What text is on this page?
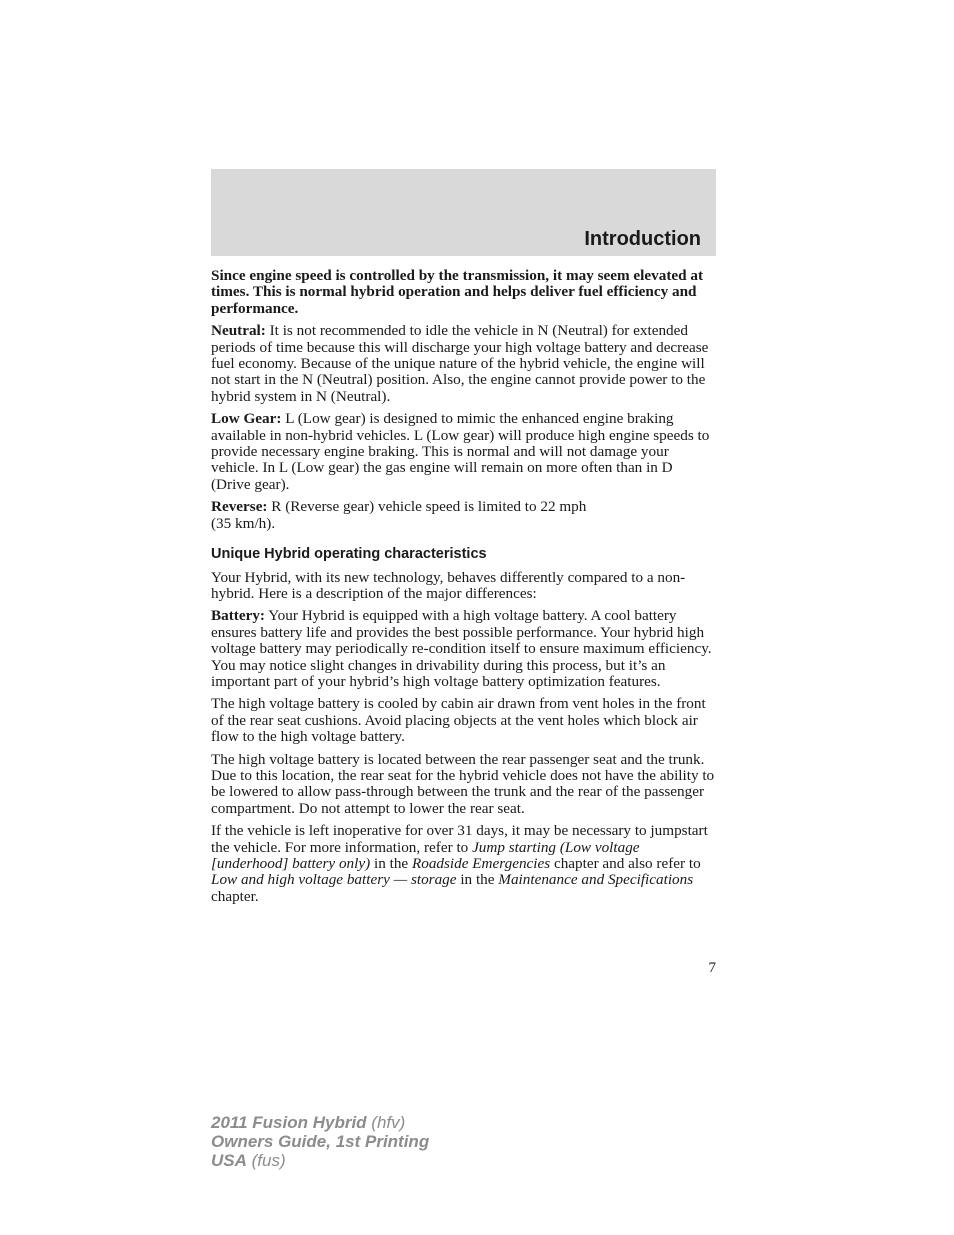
Introduction

Since engine speed is controlled by the transmission, it may seem elevated at times. This is normal hybrid operation and helps deliver fuel efficiency and performance.

Neutral: It is not recommended to idle the vehicle in N (Neutral) for extended periods of time because this will discharge your high voltage battery and decrease fuel economy. Because of the unique nature of the hybrid vehicle, the engine will not start in the N (Neutral) position. Also, the engine cannot provide power to the hybrid system in N (Neutral).

Low Gear: L (Low gear) is designed to mimic the enhanced engine braking available in non-hybrid vehicles. L (Low gear) will produce high engine speeds to provide necessary engine braking. This is normal and will not damage your vehicle. In L (Low gear) the gas engine will remain on more often than in D (Drive gear).

Reverse: R (Reverse gear) vehicle speed is limited to 22 mph
(35 km/h).

Unique Hybrid operating characteristics

Your Hybrid, with its new technology, behaves differently compared to a non-hybrid. Here is a description of the major differences:

Battery: Your Hybrid is equipped with a high voltage battery. A cool battery ensures battery life and provides the best possible performance. Your hybrid high voltage battery may periodically re-condition itself to ensure maximum efficiency. You may notice slight changes in drivability during this process, but it’s an important part of your hybrid’s high voltage battery optimization features.

The high voltage battery is cooled by cabin air drawn from vent holes in the front of the rear seat cushions. Avoid placing objects at the vent holes which block air flow to the high voltage battery.

The high voltage battery is located between the rear passenger seat and the trunk. Due to this location, the rear seat for the hybrid vehicle does not have the ability to be lowered to allow pass-through between the trunk and the rear of the passenger compartment. Do not attempt to lower the rear seat.

If the vehicle is left inoperative for over 31 days, it may be necessary to jumpstart the vehicle. For more information, refer to Jump starting (Low voltage [underhood] battery only) in the Roadside Emergencies chapter and also refer to Low and high voltage battery — storage in the Maintenance and Specifications chapter.

7
2011 Fusion Hybrid (hfv)
Owners Guide, 1st Printing
USA (fus)
